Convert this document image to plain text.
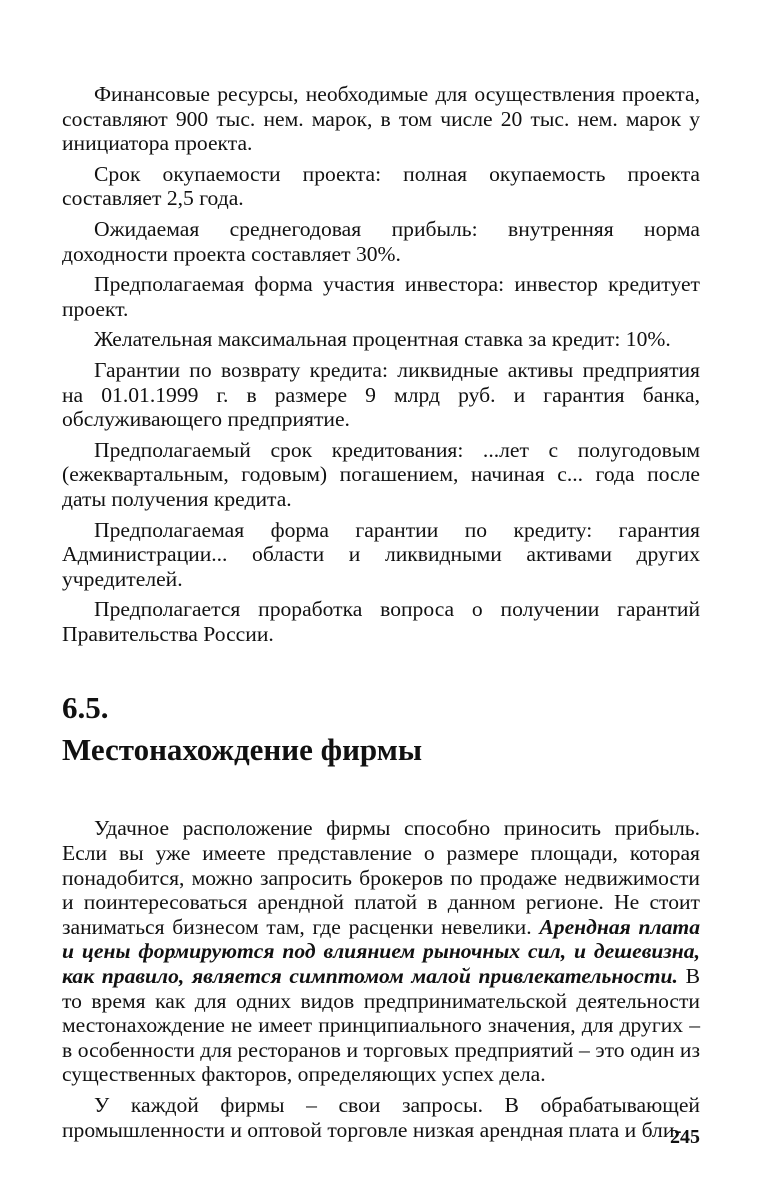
Финансовые ресурсы, необходимые для осуществления проекта, составляют 900 тыс. нем. марок, в том числе 20 тыс. нем. марок у инициатора проекта.

Срок окупаемости проекта: полная окупаемость проекта составляет 2,5 года.

Ожидаемая среднегодовая прибыль: внутренняя норма доходности проекта составляет 30%.

Предполагаемая форма участия инвестора: инвестор кредитует проект.

Желательная максимальная процентная ставка за кредит: 10%.

Гарантии по возврату кредита: ликвидные активы предприятия на 01.01.1999 г. в размере 9 млрд руб. и гарантия банка, обслуживающего предприятие.

Предполагаемый срок кредитования: ...лет с полугодовым (ежеквартальным, годовым) погашением, начиная с... года после даты получения кредита.

Предполагаемая форма гарантии по кредиту: гарантия Администрации... области и ликвидными активами других учредителей.

Предполагается проработка вопроса о получении гарантий Правительства России.

6.5.
Местонахождение фирмы

Удачное расположение фирмы способно приносить прибыль. Если вы уже имеете представление о размере площади, которая понадобится, можно запросить брокеров по продаже недвижимости и поинтересоваться арендной платой в данном регионе. Не стоит заниматься бизнесом там, где расценки невелики. Арендная плата и цены формируются под влиянием рыночных сил, и дешевизна, как правило, является симптомом малой привлекательности. В то время как для одних видов предпринимательской деятельности местонахождение не имеет принципиального значения, для других – в особенности для ресторанов и торговых предприятий – это один из существенных факторов, определяющих успех дела.

У каждой фирмы – свои запросы. В обрабатывающей промышленности и оптовой торговле низкая арендная плата и бли-

245
